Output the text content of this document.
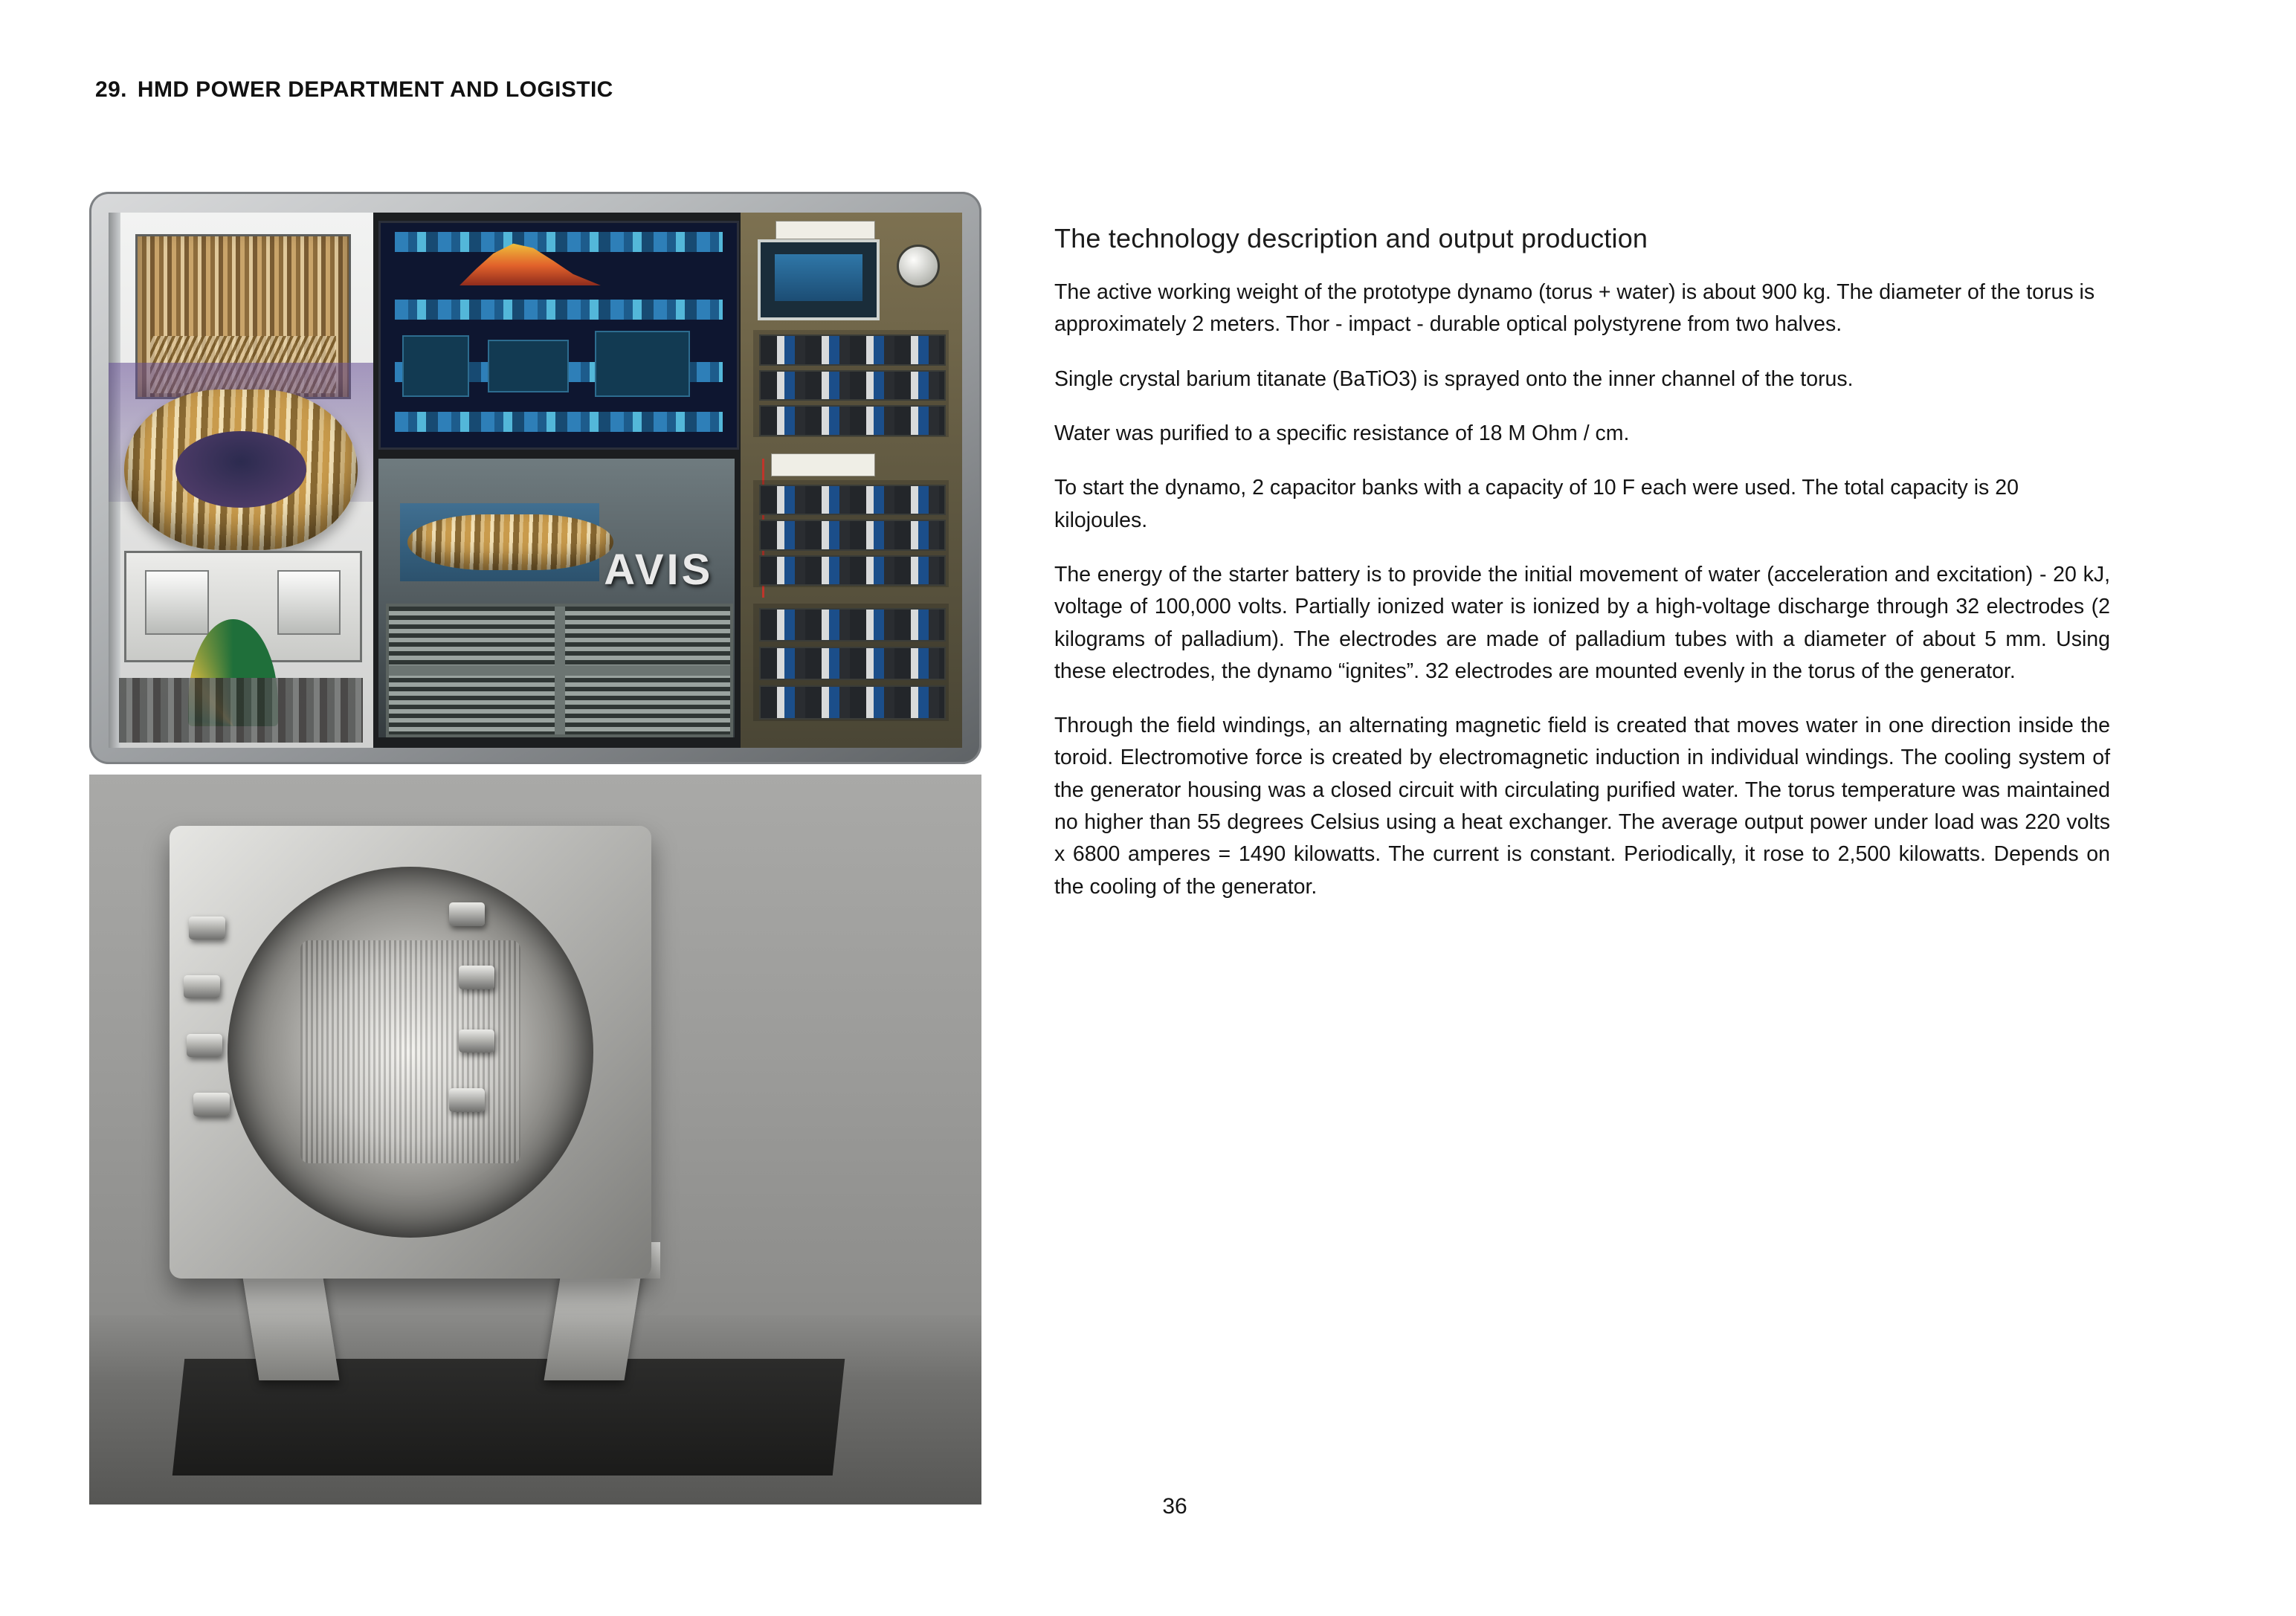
29. HMD POWER DEPARTMENT AND LOGISTIC
AVIS
The technology description and output production

The active working weight of the prototype dynamo (torus + water) is about 900 kg. The diameter of the torus is approximately 2 meters. Thor - impact - durable optical polystyrene from two halves.

Single crystal barium titanate (BaTiO3) is sprayed onto the inner channel of the torus.

Water was purified to a specific resistance of 18 M Ohm / cm.

To start the dynamo, 2 capacitor banks with a capacity of 10 F each were used. The total capacity is 20 kilojoules.

The energy of the starter battery is to provide the initial movement of water (acceleration and excitation) - 20 kJ, voltage of 100,000 volts. Partially ionized water is ionized by a high-voltage discharge through 32 electrodes (2 kilograms of palladium). The electrodes are made of palladium tubes with a diameter of about 5 mm. Using these electrodes, the dynamo “ignites”. 32 electrodes are mounted evenly in the torus of the generator.

Through the field windings, an alternating magnetic field is created that moves water in one direction inside the toroid. Electromotive force is created by electromagnetic induction in individual windings. The cooling system of the generator housing was a closed circuit with circulating purified water. The torus temperature was maintained no higher than 55 degrees Celsius using a heat exchanger. The average output power under load was 220 volts x 6800 amperes = 1490 kilowatts. The current is constant. Periodically, it rose to 2,500 kilowatts. Depends on the cooling of the generator.

36
